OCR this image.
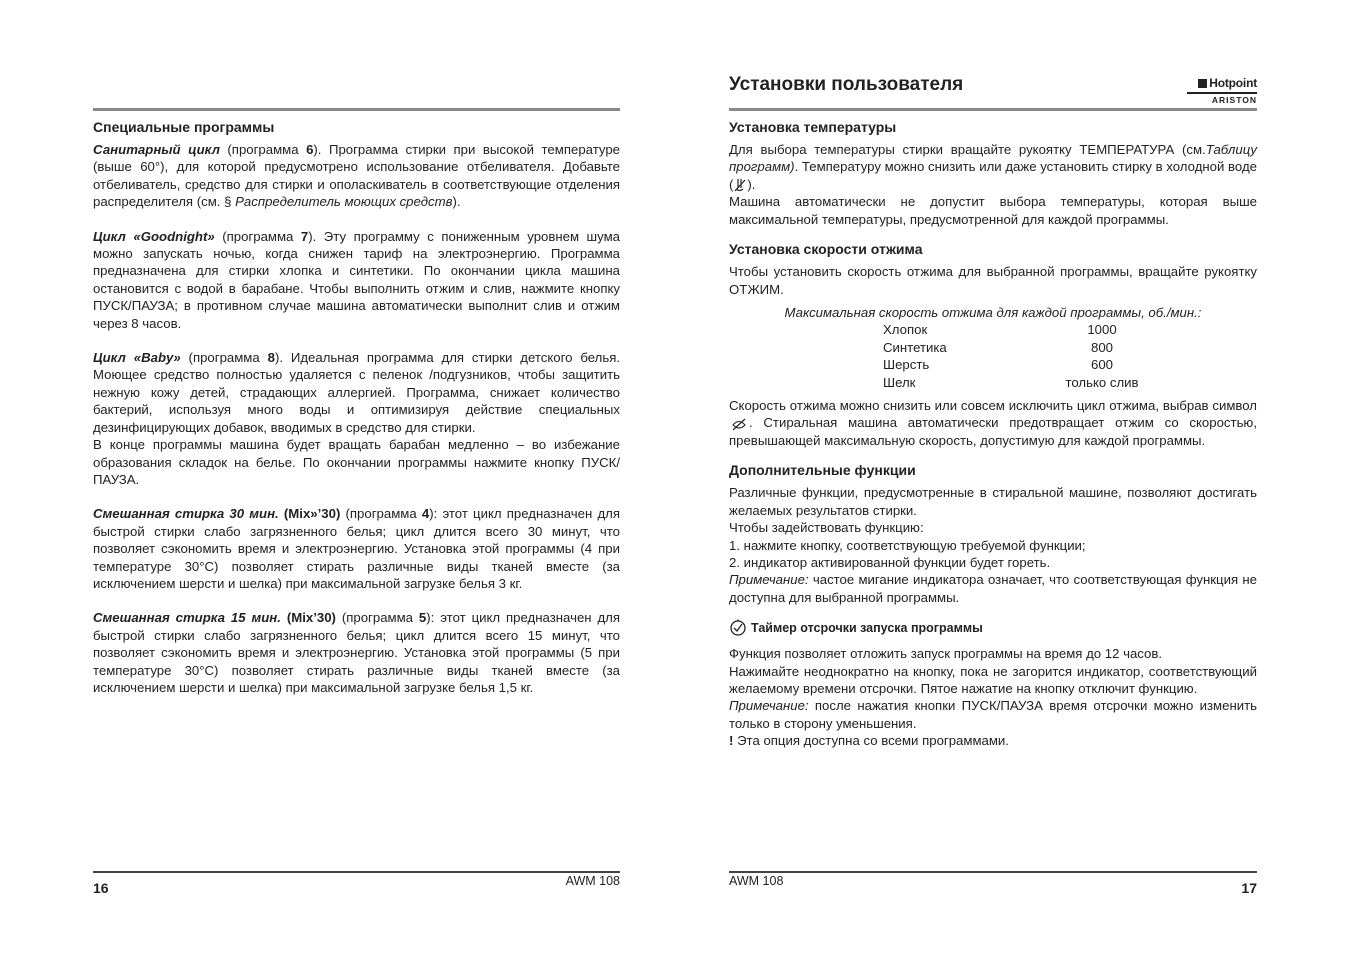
Специальные программы

Санитарный цикл (программа 6). Программа стирки при высокой температуре (выше 60°), для которой предусмотрено использование отбеливателя. Добавьте отбеливатель, средство для стирки и ополаскиватель в соответствующие отделения распределителя (см. § Распределитель моющих средств).

Цикл «Goodnight» (программа 7). Эту программу с пониженным уровнем шума можно запускать ночью, когда снижен тариф на электроэнергию. Программа предназначена для стирки хлопка и синтетики. По окончании цикла машина остановится с водой в барабане. Чтобы выполнить отжим и слив, нажмите кнопку ПУСК/ПАУЗА; в противном случае машина автоматически выполнит слив и отжим через 8 часов.

Цикл «Baby» (программа 8). Идеальная программа для стирки детского белья. Моющее средство полностью удаляется с пеленок /подгузников, чтобы защитить нежную кожу детей, страдающих аллергией. Программа, снижает количество бактерий, используя много воды и оптимизируя действие специальных дезинфицирующих добавок, вводимых в средство для стирки.

В конце программы машина будет вращать барабан медленно – во избежание образования складок на белье. По окончании программы нажмите кнопку ПУСК/ПАУЗА.

Смешанная стирка 30 мин. (Mix»’30) (программа 4): этот цикл предназначен для быстрой стирки слабо загрязненного белья; цикл длится всего 30 минут, что позволяет сэкономить время и электроэнергию. Установка этой программы (4 при температуре 30°C) позволяет стирать различные виды тканей вместе (за исключением шерсти и шелка) при максимальной загрузке белья 3 кг.

Смешанная стирка 15 мин. (Mix’30) (программа 5): этот цикл предназначен для быстрой стирки слабо загрязненного белья; цикл длится всего 15 минут, что позволяет сэкономить время и электроэнергию. Установка этой программы (5 при температуре 30°C) позволяет стирать различные виды тканей вместе (за исключением шерсти и шелка) при максимальной загрузке белья 1,5 кг.

16	AWM 108
Установки пользователя	Hotpoint
ARISTON
Установка температуры

Для выбора температуры стирки вращайте рукоятку ТЕМПЕРАТУРА (см.Таблицу программ). Температуру можно снизить или даже установить стирку в холодной воде ( ).

Машина автоматически не допустит выбора температуры, которая выше максимальной температуры, предусмотренной для каждой программы.

Установка скорости отжима

Чтобы установить скорость отжима для выбранной программы, вращайте рукоятку ОТЖИМ.

Максимальная скорость отжима для каждой программы, об./мин.:
Хлопок	1000
Синтетика	800
Шерсть	600
Шелк	только слив

Скорость отжима можно снизить или совсем исключить цикл отжима, выбрав символ . Стиральная машина автоматически предотвращает отжим со скоростью, превышающей максимальную скорость, допустимую для каждой программы.

Дополнительные функции

Различные функции, предусмотренные в стиральной машине, позволяют достигать желаемых результатов стирки.

Чтобы задействовать функцию:

1. нажмите кнопку, соответствующую требуемой функции;

2. индикатор активированной функции будет гореть.

Примечание: частое мигание индикатора означает, что соответствующая функция не доступна для выбранной программы.

Таймер отсрочки запуска программы

Функция позволяет отложить запуск программы на время до 12 часов.

Нажимайте неоднократно на кнопку, пока не загорится индикатор, соответствующий желаемому времени отсрочки. Пятое нажатие на кнопку отключит функцию.

Примечание: после нажатия кнопки ПУСК/ПАУЗА время отсрочки можно изменить только в сторону уменьшения.

! Эта опция доступна со всеми программами.

AWM 108	17
